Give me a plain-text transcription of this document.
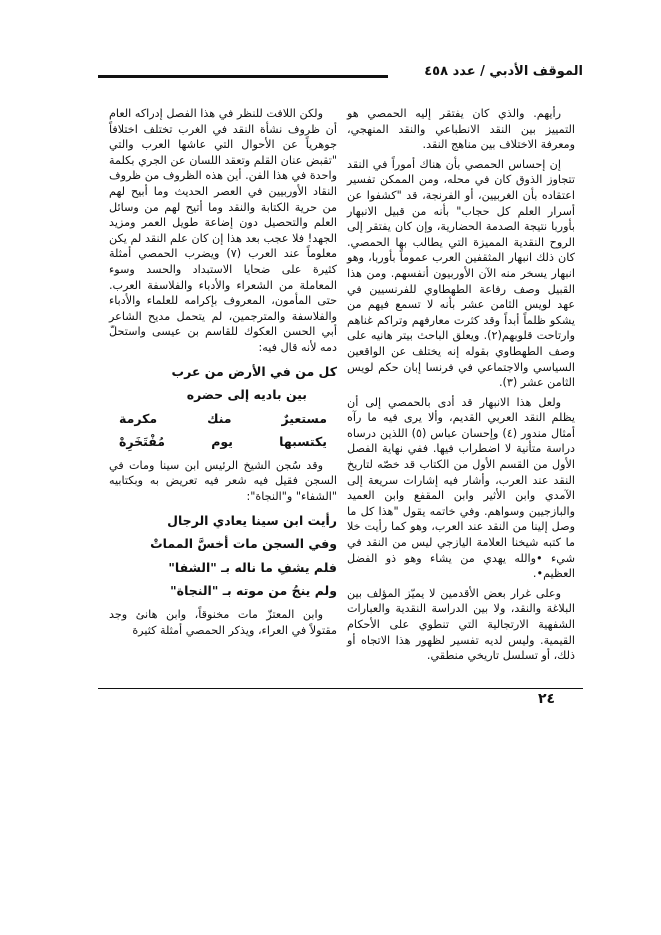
الموقف الأدبي / عدد ٤٥٨

رأيهم. والذي كان يفتقر إليه الحمصي هو التمييز بين النقد الانطباعي والنقد المنهجي، ومعرفة الاختلاف بين مناهج النقد.

إن إحساس الحمصي بأن هناك أموراً في النقد تتجاوز الذوق كان في محله، ومن الممكن تفسير اعتقاده بأن الغربيين، أو الفرنجة، قد "كشفوا عن أسرار العلم كل حجاب" بأنه من قبيل الانبهار بأوربا نتيجة الصدمة الحضارية، وإن كان يفتقر إلى الروح النقدية المميزة التي يطالب بها الحمصي. كان ذلك انبهار المثقفين العرب عموماً بأوربا، وهو انبهار يسخر منه الآن الأوربيون أنفسهم. ومن هذا القبيل وصف رفاعة الطهطاوي للفرنسيين في عهد لويس الثامن عشر بأنه لا تسمع فيهم من يشكو ظلماً أبداً وقد كثرت معارفهم وتراكم غناهم وارتاحت قلوبهم(٢). ويعلق الباحث بيتر هانيه على وصف الطهطاوي بقوله إنه يختلف عن الواقعين السياسي والاجتماعي في فرنسا إبان حكم لويس الثامن عشر (٣).

ولعل هذا الانبهار قد أدى بالحمصي إلى أن يظلم النقد العربي القديم، وألا يرى فيه ما رآه أمثال مندور (٤) وإحسان عباس (٥) اللذين درساه دراسة متأنية لا اضطراب فيها. ففي نهاية الفصل الأول من القسم الأول من الكتاب قد خصّه لتاريخ النقد عند العرب، وأشار فيه إشارات سريعة إلى الآمدي وابن الأثير وابن المقفع وابن العميد والبازجيين وسواهم. وفي خاتمه يقول "هذا كل ما وصل إلينا من النقد عند العرب، وهو كما رأيت خلا ما كتبه شيخنا العلامة اليازجي ليس من النقد في شيء •والله يهدي من يشاء وهو ذو الفضل العظيم•.

وعلى غرار بعض الأقدمين لا يميّز المؤلف بين البلاغة والنقد، ولا بين الدراسة النقدية والعبارات الشفهية الارتجالية التي تنطوي على الأحكام القيمية. وليس لديه تفسير لظهور هذا الاتجاه أو ذلك، أو تسلسل تاريخي منطقي.

ولكن اللافت للنظر في هذا الفصل إدراكه العام أن ظروف نشأة النقد في الغرب تختلف اختلافاً جوهرياً عن الأحوال التي عاشها العرب والتي "تقبض عنان القلم وتعقد اللسان عن الجري بكلمة واحدة في هذا الفن. أين هذه الظروف من ظروف النقاد الأوربيين في العصر الحديث وما أبيح لهم من حرية الكتابة والنقد وما أتيح لهم من وسائل العلم والتحصيل دون إضاعة طويل العمر ومزيد الجهد! فلا عجب بعد هذا إن كان علم النقد لم يكن معلوماً عند العرب (٧) ويضرب الحمصي أمثلة كثيرة على ضحايا الاستبداد والحسد وسوء المعاملة من الشعراء والأدباء والفلاسفة العرب. حتى المأمون، المعروف بإكرامه للعلماء والأدباء والفلاسفة والمترجمين، لم يتحمل مديح الشاعر أبي الحسن العكوك للقاسم بن عيسى واستحلّ دمه لأنه قال فيه:

كل من في الأرض من عرب
بين باديه إلى حضره
مستعيرٌ
منك
مكرمة
يكتسبها
يوم
مُفْتَخَرِهْ

وقد سُجن الشيخ الرئيس ابن سينا ومات في السجن فقيل فيه شعر فيه تعريض به وبكتابيه "الشفاء" و"النجاة":

رأيت ابن سينا يعادي الرجال
وفي السجن مات أخسَّ المماتْ
فلم يشفِ ما ناله بـ "الشفا"
ولم ينجُ من موته بـ "النجاة"

وابن المعتزّ مات مخنوقاً، وابن هانئ وجد مقتولاً في العراء، ويذكر الحمصي أمثلة كثيرة

٢٤
